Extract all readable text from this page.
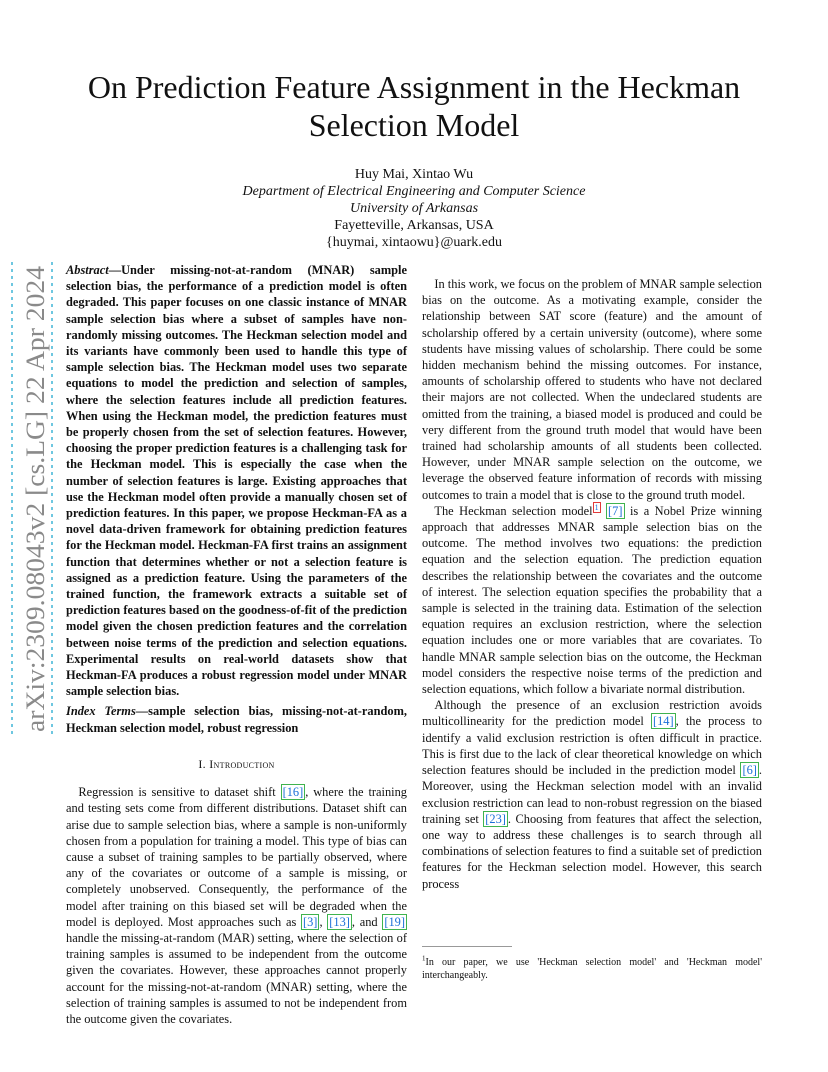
arXiv:2309.08043v2 [cs.LG] 22 Apr 2024
On Prediction Feature Assignment in the Heckman Selection Model
Huy Mai, Xintao Wu
Department of Electrical Engineering and Computer Science
University of Arkansas
Fayetteville, Arkansas, USA
{huymai, xintaowu}@uark.edu

Abstract—Under missing-not-at-random (MNAR) sample selection bias, the performance of a prediction model is often degraded. This paper focuses on one classic instance of MNAR sample selection bias where a subset of samples have non-randomly missing outcomes. The Heckman selection model and its variants have commonly been used to handle this type of sample selection bias. The Heckman model uses two separate equations to model the prediction and selection of samples, where the selection features include all prediction features. When using the Heckman model, the prediction features must be properly chosen from the set of selection features. However, choosing the proper prediction features is a challenging task for the Heckman model. This is especially the case when the number of selection features is large. Existing approaches that use the Heckman model often provide a manually chosen set of prediction features. In this paper, we propose Heckman-FA as a novel data-driven framework for obtaining prediction features for the Heckman model. Heckman-FA first trains an assignment function that determines whether or not a selection feature is assigned as a prediction feature. Using the parameters of the trained function, the framework extracts a suitable set of prediction features based on the goodness-of-fit of the prediction model given the chosen prediction features and the correlation between noise terms of the prediction and selection equations. Experimental results on real-world datasets show that Heckman-FA produces a robust regression model under MNAR sample selection bias.

Index Terms—sample selection bias, missing-not-at-random, Heckman selection model, robust regression

I. Introduction

Regression is sensitive to dataset shift [16] , where the training and testing sets come from different distributions. Dataset shift can arise due to sample selection bias, where a sample is non-uniformly chosen from a population for training a model. This type of bias can cause a subset of training samples to be partially observed, where any of the covariates or outcome of a sample is missing, or completely unobserved. Consequently, the performance of the model after training on this biased set will be degraded when the model is deployed. Most approaches such as [3] , [13] , and [19] handle the missing-at-random (MAR) setting, where the selection of training samples is assumed to be independent from the outcome given the covariates. However, these approaches cannot properly account for the missing-not-at-random (MNAR) setting, where the selection of training samples is assumed to not be independent from the outcome given the covariates.

In this work, we focus on the problem of MNAR sample selection bias on the outcome. As a motivating example, consider the relationship between SAT score (feature) and the amount of scholarship offered by a certain university (outcome), where some students have missing values of scholarship. There could be some hidden mechanism behind the missing outcomes. For instance, amounts of scholarship offered to students who have not declared their majors are not collected. When the undeclared students are omitted from the training, a biased model is produced and could be very different from the ground truth model that would have been trained had scholarship amounts of all students been collected. However, under MNAR sample selection on the outcome, we leverage the observed feature information of records with missing outcomes to train a model that is close to the ground truth model.

The Heckman selection model $^1$ [7] is a Nobel Prize winning approach that addresses MNAR sample selection bias on the outcome. The method involves two equations: the prediction equation and the selection equation. The prediction equation describes the relationship between the covariates and the outcome of interest. The selection equation specifies the probability that a sample is selected in the training data. Estimation of the selection equation requires an exclusion restriction, where the selection equation includes one or more variables that are covariates. To handle MNAR sample selection bias on the outcome, the Heckman model considers the respective noise terms of the prediction and selection equations, which follow a bivariate normal distribution.

Although the presence of an exclusion restriction avoids multicollinearity for the prediction model [14] , the process to identify a valid exclusion restriction is often difficult in practice. This is first due to the lack of clear theoretical knowledge on which selection features should be included in the prediction model [6] . Moreover, using the Heckman selection model with an invalid exclusion restriction can lead to non-robust regression on the biased training set [23] . Choosing from features that affect the selection, one way to address these challenges is to search through all combinations of selection features to find a suitable set of prediction features for the Heckman selection model. However, this search process

$^1$In our paper, we use 'Heckman selection model' and 'Heckman model' interchangeably.
